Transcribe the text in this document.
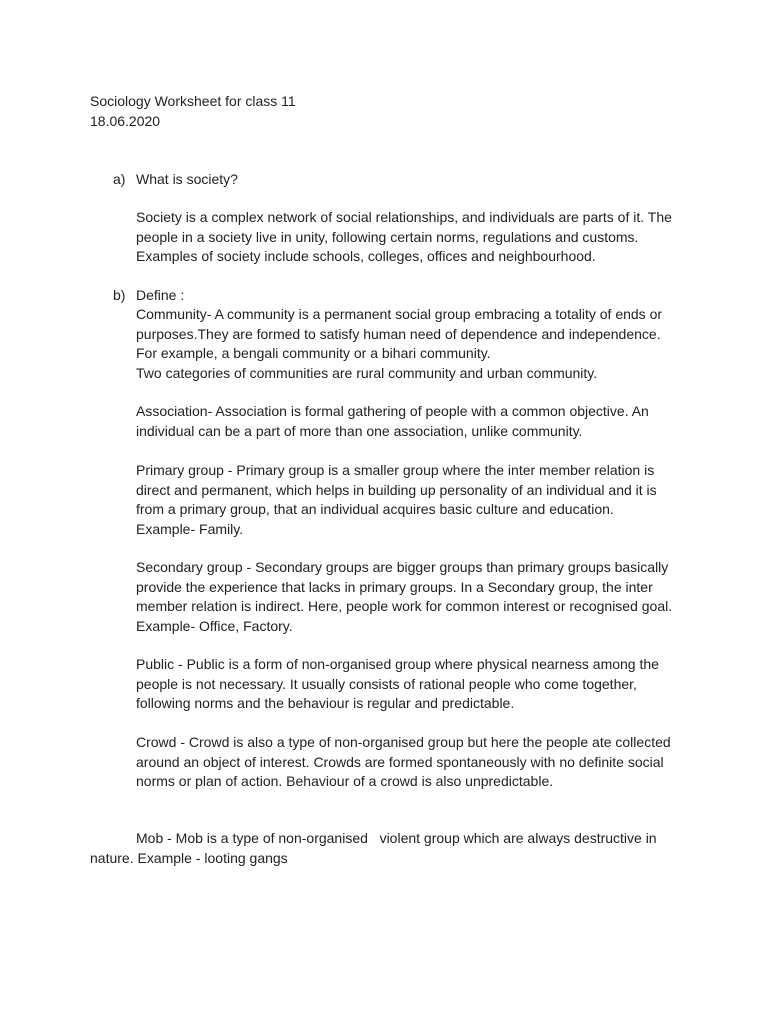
Sociology Worksheet for class 11

18.06.2020

a) What is society?

Society is a complex network of social relationships, and individuals are parts of it. The
people in a society live in unity, following certain norms, regulations and customs.
Examples of society include schools, colleges, offices and neighbourhood.

b) Define :

Community- A community is a permanent social group embracing a totality of ends or
purposes.They are formed to satisfy human need of dependence and independence.
For example, a bengali community or a bihari community.
Two categories of communities are rural community and urban community.
Association- Association is formal gathering of people with a common objective. An
individual can be a part of more than one association, unlike community.
Primary group - Primary group is a smaller group where the inter member relation is
direct and permanent, which helps in building up personality of an individual and it is
from a primary group, that an individual acquires basic culture and education.
Example- Family.
Secondary group - Secondary groups are bigger groups than primary groups basically
provide the experience that lacks in primary groups. In a Secondary group, the inter
member relation is indirect. Here, people work for common interest or recognised goal.
Example- Office, Factory.
Public - Public is a form of non-organised group where physical nearness among the
people is not necessary. It usually consists of rational people who come together,
following norms and the behaviour is regular and predictable.
Crowd - Crowd is also a type of non-organised group but here the people ate collected
around an object of interest. Crowds are formed spontaneously with no definite social
norms or plan of action. Behaviour of a crowd is also unpredictable.

Mob - Mob is a type of non-organised   violent group which are always destructive in

nature. Example - looting gangs
